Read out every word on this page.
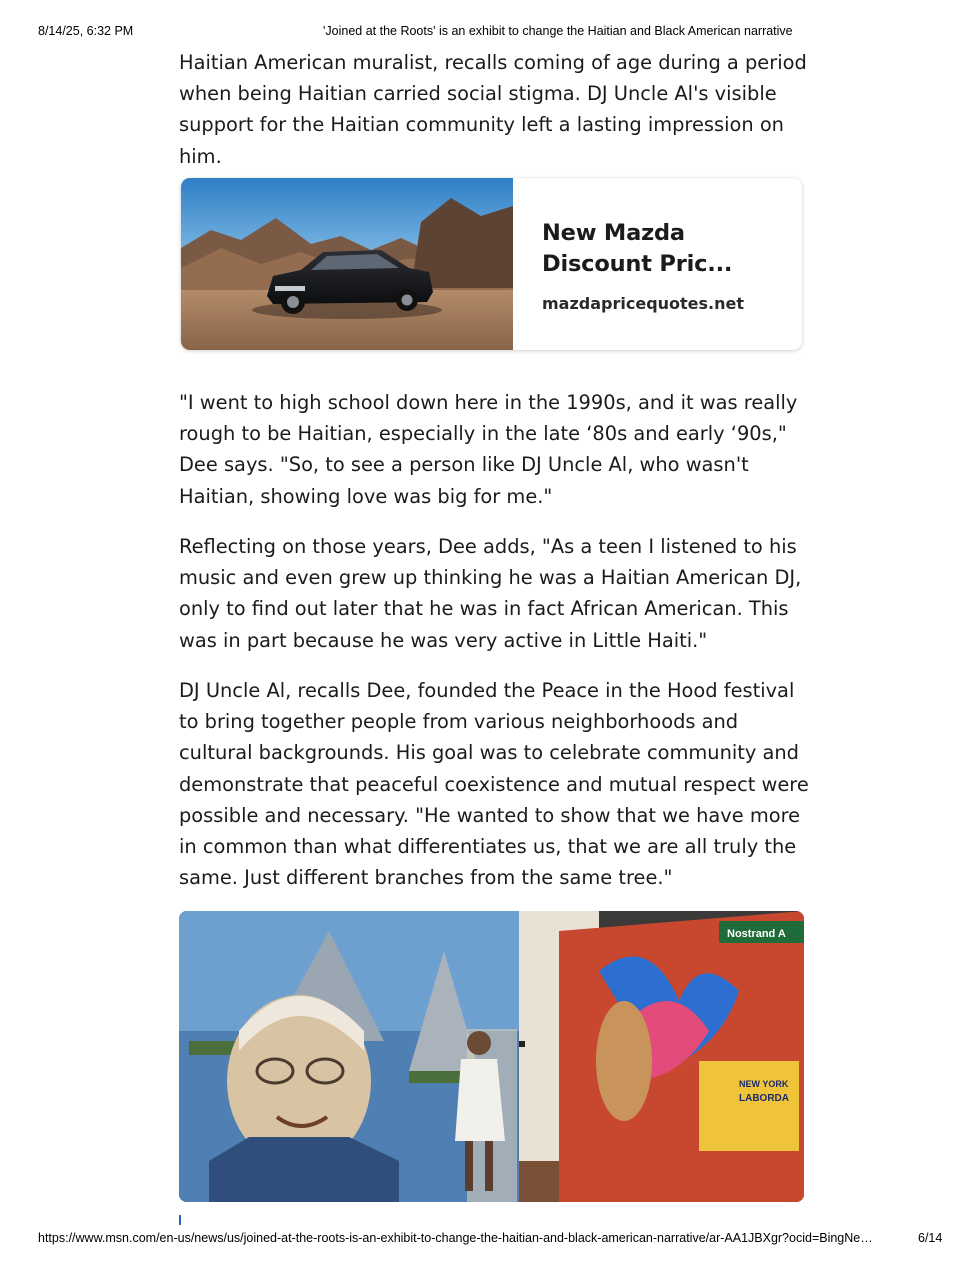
8/14/25, 6:32 PM	'Joined at the Roots' is an exhibit to change the Haitian and Black American narrative

Haitian American muralist, recalls coming of age during a period when being Haitian carried social stigma. DJ Uncle Al's visible support for the Haitian community left a lasting impression on him.

"I went to high school down here in the 1990s, and it was really rough to be Haitian, especially in the late ‘80s and early ‘90s," Dee says. "So, to see a person like DJ Uncle Al, who wasn't Haitian, showing love was big for me."

Reflecting on those years, Dee adds, "As a teen I listened to his music and even grew up thinking he was a Haitian American DJ, only to find out later that he was in fact African American. This was in part because he was very active in Little Haiti."

DJ Uncle Al, recalls Dee, founded the Peace in the Hood festival to bring together people from various neighborhoods and cultural backgrounds. His goal was to celebrate community and demonstrate that peaceful coexistence and mutual respect were possible and necessary. "He wanted to show that we have more in common than what differentiates us, that we are all truly the same. Just different branches from the same tree."

New Mazda
Discount Pric...
mazdapricequotes.net
Nostrand A
NEW YORK
LABORDA
https://www.msn.com/en-us/news/us/joined-at-the-roots-is-an-exhibit-to-change-the-haitian-and-black-american-narrative/ar-AA1JBXgr?ocid=BingNe…	6/14
